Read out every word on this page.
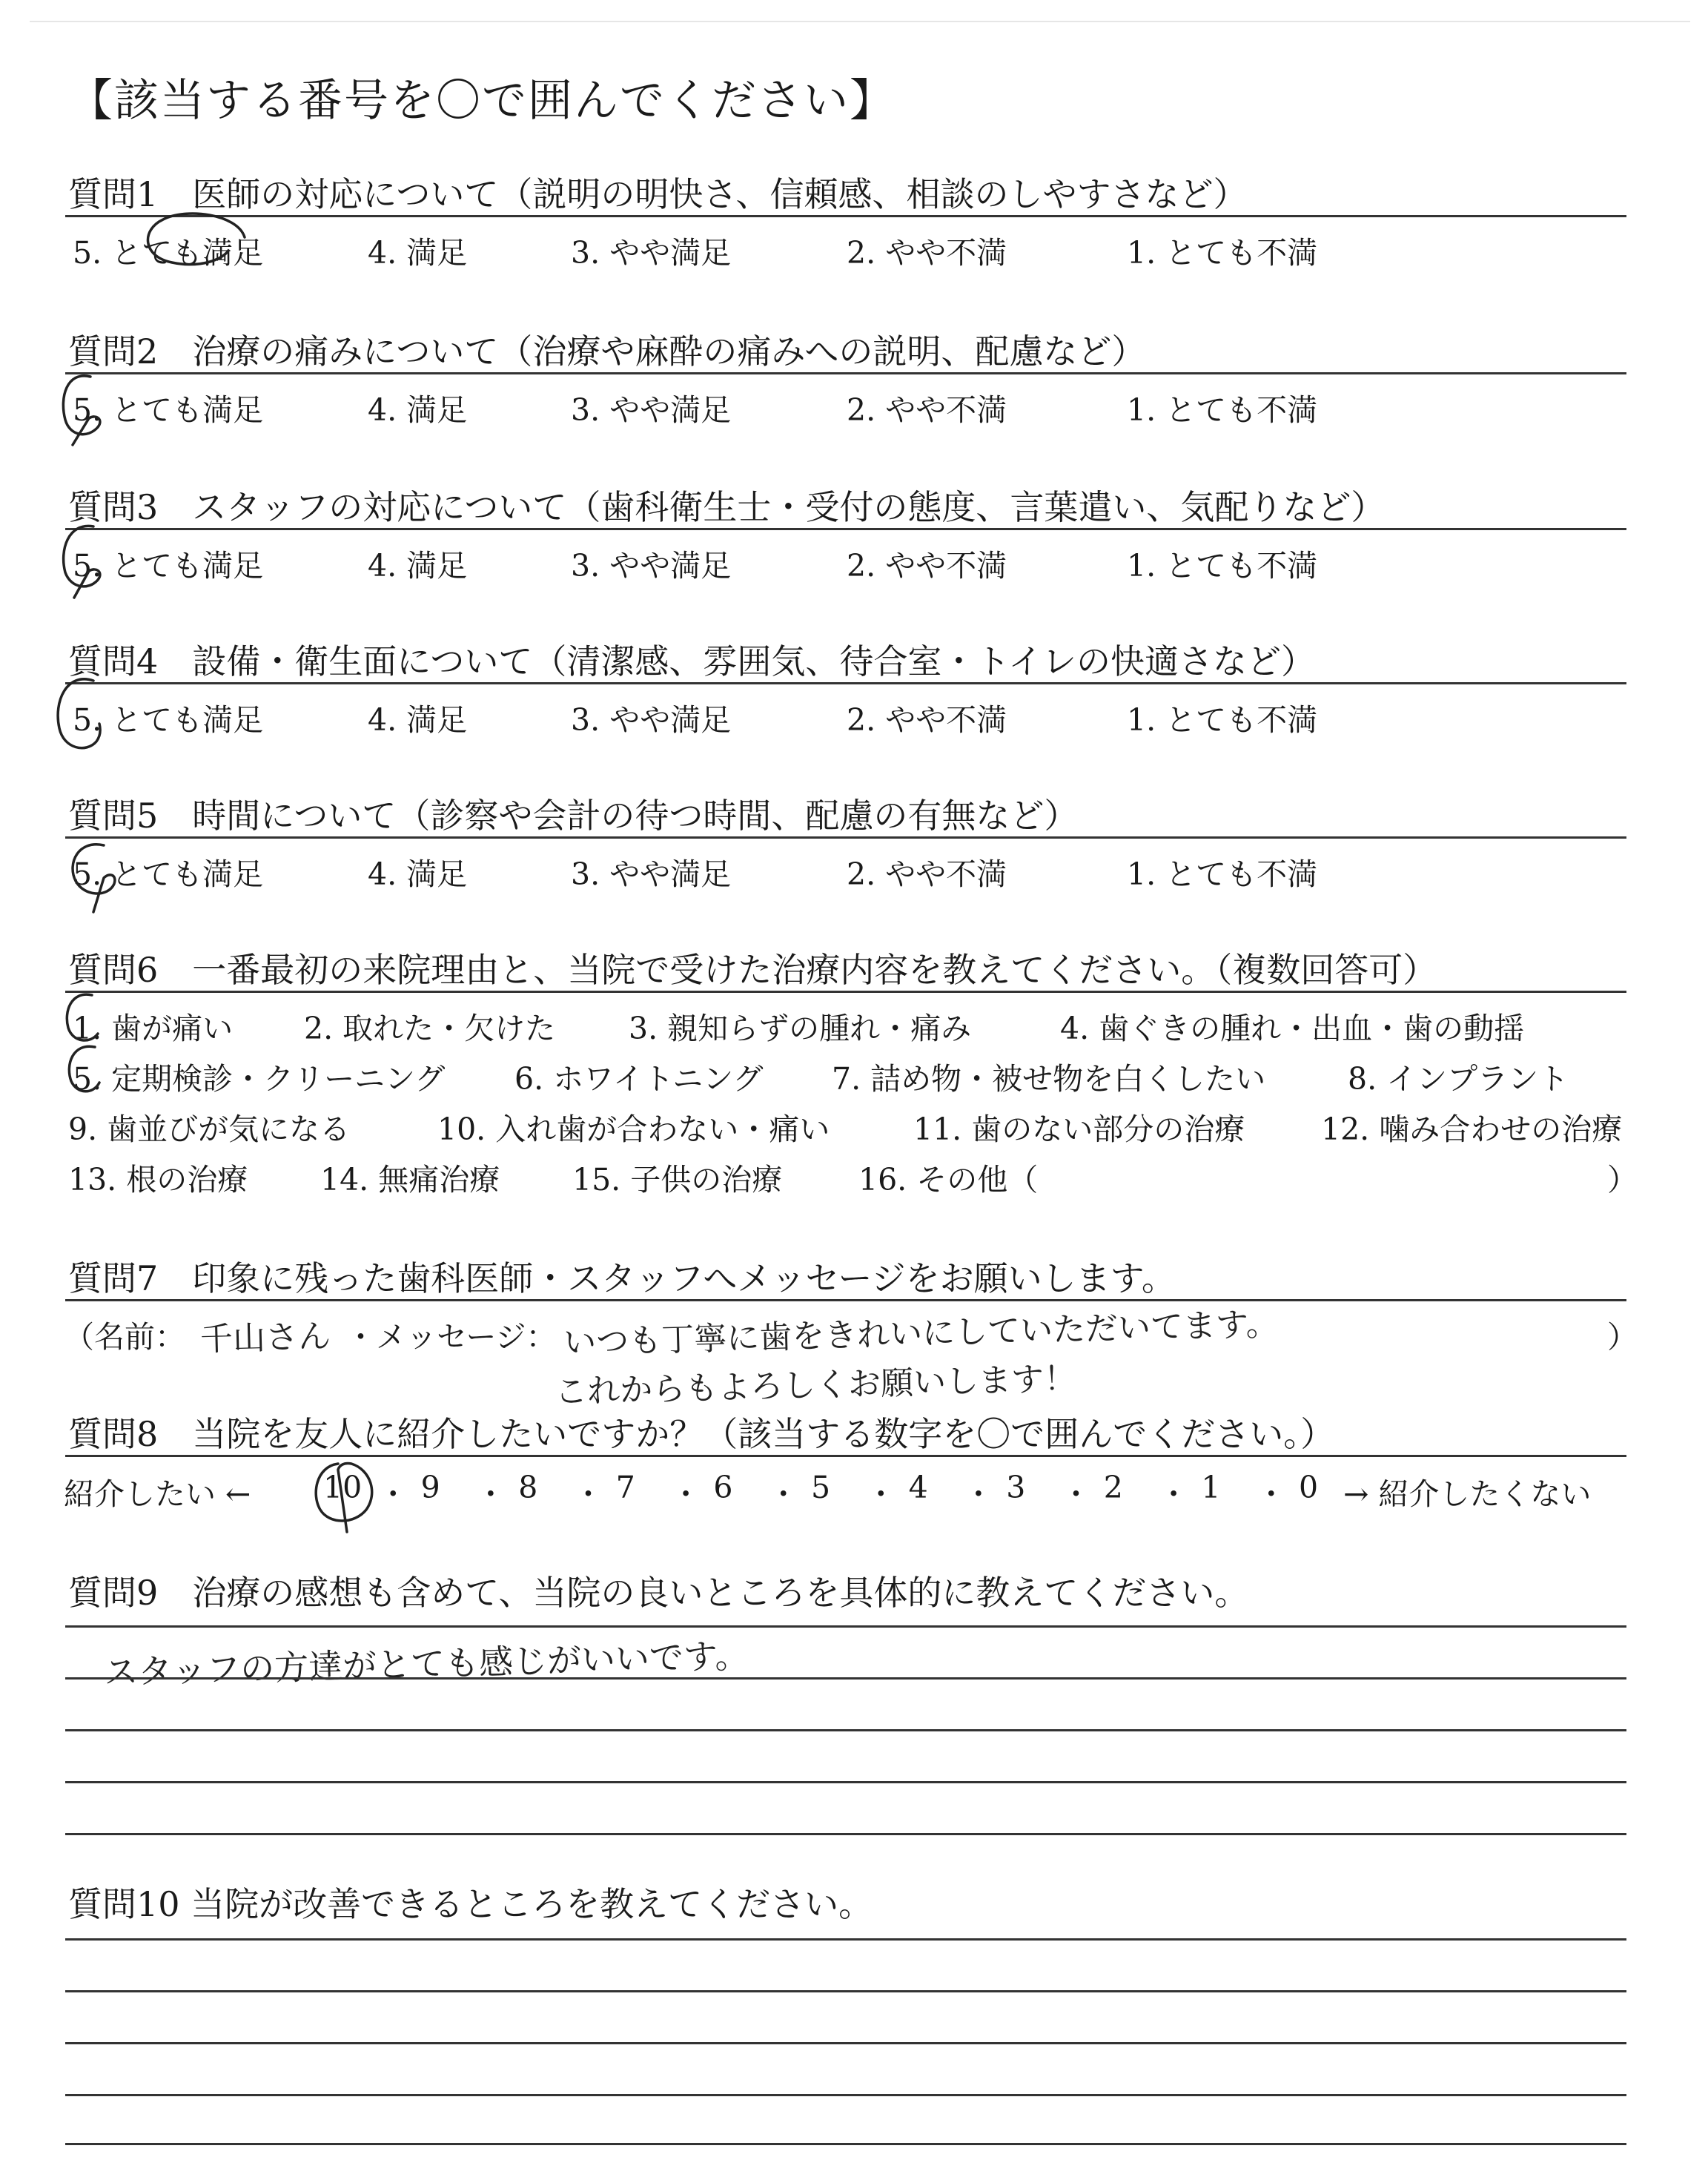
【該当する番号を〇で囲んでください】
質問1　医師の対応について（説明の明快さ、信頼感、相談のしやすさなど）
5. とても満足	4. 満足	3. やや満足	2. やや不満	1. とても不満
質問2　治療の痛みについて（治療や麻酔の痛みへの説明、配慮など）
5. とても満足	4. 満足	3. やや満足	2. やや不満	1. とても不満
質問3　スタッフの対応について（歯科衛生士・受付の態度、言葉遣い、気配りなど）
5. とても満足	4. 満足	3. やや満足	2. やや不満	1. とても不満
質問4　設備・衛生面について（清潔感、雰囲気、待合室・トイレの快適さなど）
5. とても満足	4. 満足	3. やや満足	2. やや不満	1. とても不満
質問5　時間について（診察や会計の待つ時間、配慮の有無など）
5. とても満足	4. 満足	3. やや満足	2. やや不満	1. とても不満
質問6　一番最初の来院理由と、当院で受けた治療内容を教えてください。（複数回答可）
1. 歯が痛い 2. 取れた・欠けた 3. 親知らずの腫れ・痛み	4. 歯ぐきの腫れ・出血・歯の動揺
5. 定期検診・クリーニング 6. ホワイトニング 7. 詰め物・被せ物を白くしたい	8. インプラント
9. 歯並びが気になる	10. 入れ歯が合わない・痛い	11. 歯のない部分の治療	12. 噛み合わせの治療
13. 根の治療 14. 無痛治療 15. 子供の治療	16. その他（	）
質問7　印象に残った歯科医師・スタッフへメッセージをお願いします。
（名前： 千山さん ・メッセージ： いつも丁寧に歯をきれいにしていただいてます。
これからもよろしくお願いします！
）
質問8　当院を友人に紹介したいですか？（該当する数字を〇で囲んでください。）
紹介したい ← 10 ・ 9 ・ 8 ・ 7 ・ 6 ・ 5 ・ 4 ・ 3 ・ 2 ・ 1 ・ 0 → 紹介したくない
質問9　治療の感想も含めて、当院の良いところを具体的に教えてください。
スタッフの方達がとても感じがいいです。
質問10 当院が改善できるところを教えてください。
